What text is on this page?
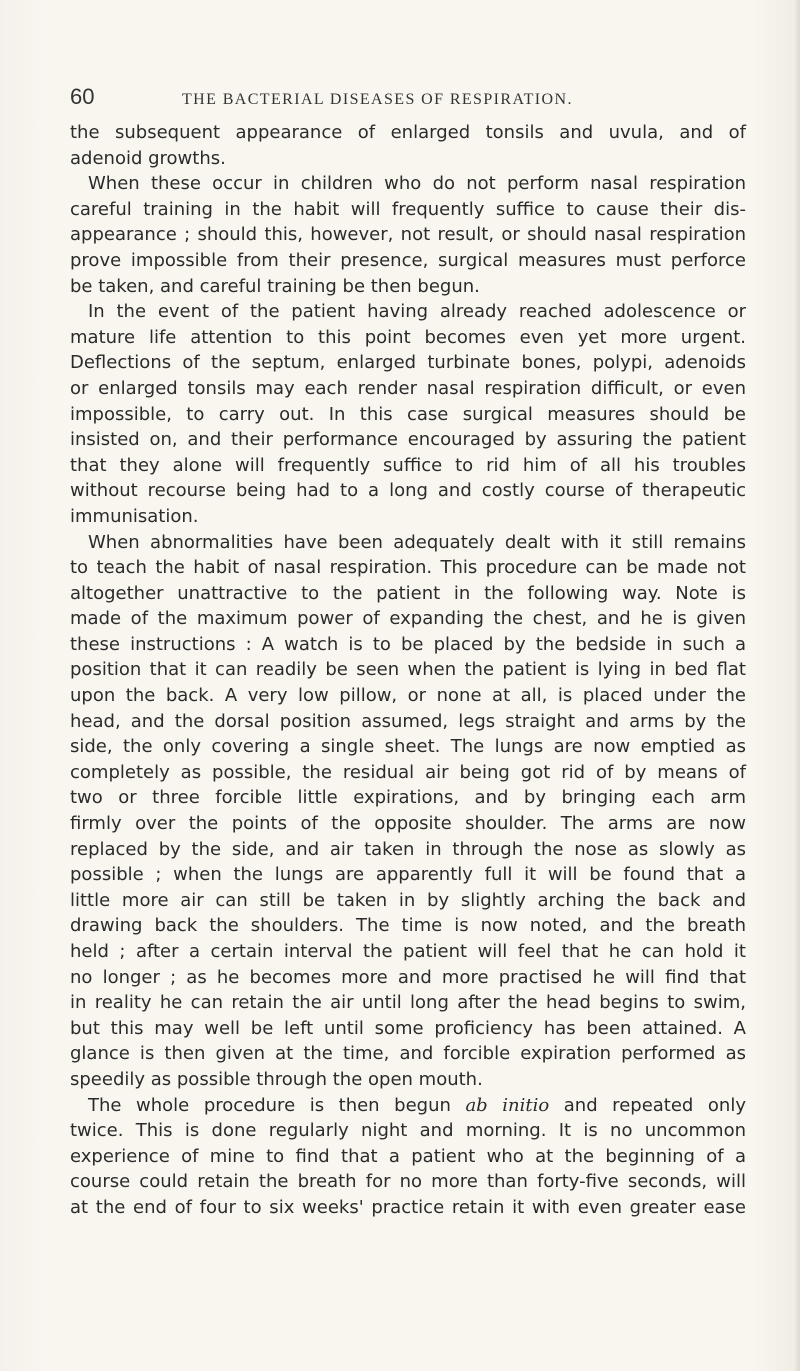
60	THE BACTERIAL DISEASES OF RESPIRATION.

the subsequent appearance of enlarged tonsils and uvula, and of
adenoid growths.

When these occur in children who do not perform nasal respiration
careful training in the habit will frequently suffice to cause their dis-
appearance ; should this, however, not result, or should nasal respiration
prove impossible from their presence, surgical measures must perforce
be taken, and careful training be then begun.

In the event of the patient having already reached adolescence or
mature life attention to this point becomes even yet more urgent.
Deflections of the septum, enlarged turbinate bones, polypi, adenoids
or enlarged tonsils may each render nasal respiration difficult, or even
impossible, to carry out. In this case surgical measures should be
insisted on, and their performance encouraged by assuring the patient
that they alone will frequently suffice to rid him of all his troubles
without recourse being had to a long and costly course of therapeutic
immunisation.

When abnormalities have been adequately dealt with it still remains
to teach the habit of nasal respiration. This procedure can be made not
altogether unattractive to the patient in the following way. Note is
made of the maximum power of expanding the chest, and he is given
these instructions : A watch is to be placed by the bedside in such a
position that it can readily be seen when the patient is lying in bed flat
upon the back. A very low pillow, or none at all, is placed under the
head, and the dorsal position assumed, legs straight and arms by the
side, the only covering a single sheet. The lungs are now emptied as
completely as possible, the residual air being got rid of by means of
two or three forcible little expirations, and by bringing each arm
firmly over the points of the opposite shoulder. The arms are now
replaced by the side, and air taken in through the nose as slowly as
possible ; when the lungs are apparently full it will be found that a
little more air can still be taken in by slightly arching the back and
drawing back the shoulders. The time is now noted, and the breath
held ; after a certain interval the patient will feel that he can hold it
no longer ; as he becomes more and more practised he will find that
in reality he can retain the air until long after the head begins to swim,
but this may well be left until some proficiency has been attained. A
glance is then given at the time, and forcible expiration performed as
speedily as possible through the open mouth.

The whole procedure is then begun ab initio and repeated only
twice. This is done regularly night and morning. It is no uncommon
experience of mine to find that a patient who at the beginning of a
course could retain the breath for no more than forty-five seconds, will
at the end of four to six weeks' practice retain it with even greater ease
